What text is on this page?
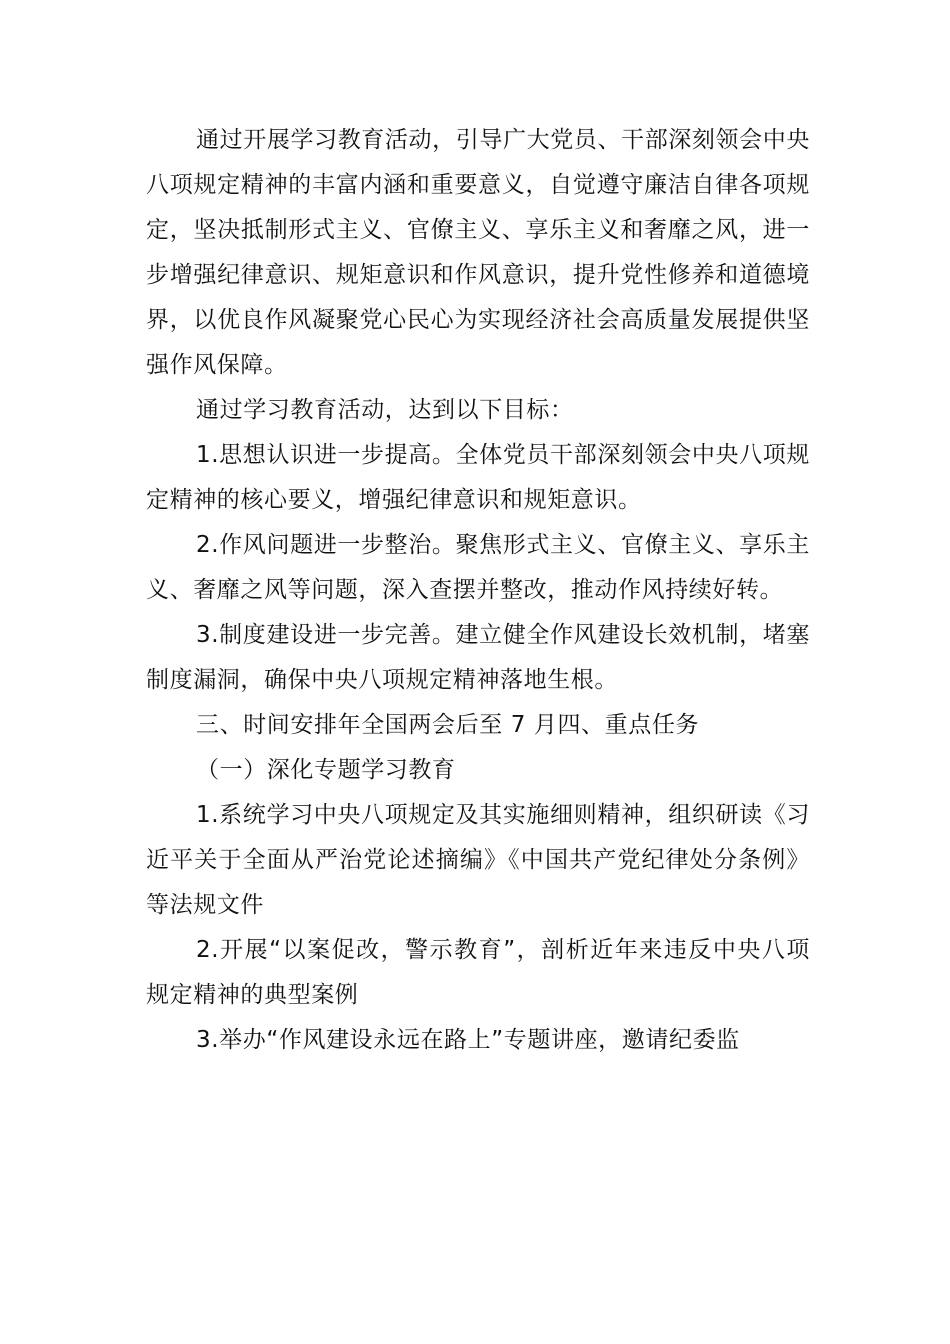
通过开展学习教育活动，引导广大党员、干部深刻领会中央八项规定精神的丰富内涵和重要意义，自觉遵守廉洁自律各项规定，坚决抵制形式主义、官僚主义、享乐主义和奢靡之风，进一步增强纪律意识、规矩意识和作风意识，提升党性修养和道德境界，以优良作风凝聚党心民心为实现经济社会高质量发展提供坚强作风保障。

通过学习教育活动，达到以下目标：

1.思想认识进一步提高。全体党员干部深刻领会中央八项规定精神的核心要义，增强纪律意识和规矩意识。

2.作风问题进一步整治。聚焦形式主义、官僚主义、享乐主义、奢靡之风等问题，深入查摆并整改，推动作风持续好转。

3.制度建设进一步完善。建立健全作风建设长效机制，堵塞制度漏洞，确保中央八项规定精神落地生根。

三、时间安排年全国两会后至 7 月四、重点任务

（一）深化专题学习教育

1.系统学习中央八项规定及其实施细则精神，组织研读《习近平关于全面从严治党论述摘编》《中国共产党纪律处分条例》等法规文件

2.开展“以案促改，警示教育”，剖析近年来违反中央八项规定精神的典型案例

3.举办“作风建设永远在路上”专题讲座，邀请纪委监
